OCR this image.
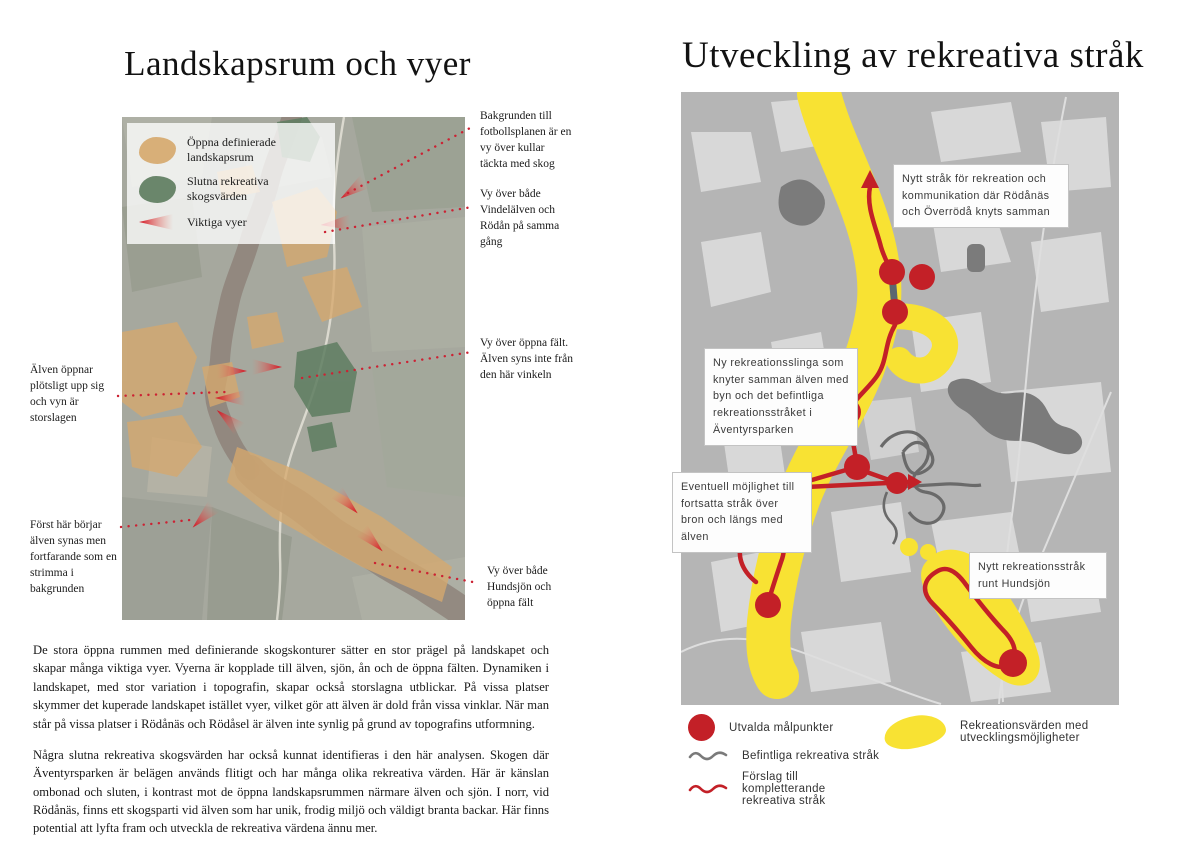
Landskapsrum och vyer
Öppna definierade landskapsrum
Slutna rekreativa skogsvärden
Viktiga vyer
Bakgrunden till fotbollsplanen är en vy över kullar täckta med skog
Vy över både Vindelälven och Rödån på samma gång
Vy över öppna fält. Älven syns inte från den här vinkeln
Vy över både Hundsjön och öppna fält
Älven öppnar plötsligt upp sig och vyn är storslagen
Först här börjar älven synas men fortfarande som en strimma i bakgrunden

De stora öppna rummen med definierande skogskonturer sätter en stor prägel på landskapet och skapar många viktiga vyer. Vyerna är kopplade till älven, sjön, ån och de öppna fälten. Dynamiken i landskapet, med stor variation i topografin, skapar också storslagna utblickar. På vissa platser skymmer det kuperade landskapet istället vyer, vilket gör att älven är dold från vissa vinklar. När man står på vissa platser i Rödånäs och Rödåsel är älven inte synlig på grund av topografins utformning.

Några slutna rekreativa skogsvärden har också kunnat identifieras i den här analysen. Skogen där Äventyrsparken är belägen används flitigt och har många olika rekreativa värden. Här är känslan ombonad och sluten, i kontrast mot de öppna landskapsrummen närmare älven och sjön. I norr, vid Rödånäs, finns ett skogsparti vid älven som har unik, frodig miljö och väldigt branta backar. Här finns potential att lyfta fram och utveckla de rekreativa värdena ännu mer.

Utveckling av rekreativa stråk
Nytt stråk för rekreation och kommunikation där Rödånäs och Överrödå knyts samman
Ny rekreationsslinga som knyter samman älven med byn och det befintliga rekreationsstråket i Äventyrsparken
Eventuell möjlighet till fortsatta stråk över bron och längs med älven
Nytt rekreationsstråk runt Hundsjön
Utvalda målpunkter
Befintliga rekreativa stråk
Förslag till kompletterande rekreativa stråk
Rekreationsvärden med utvecklingsmöjligheter
